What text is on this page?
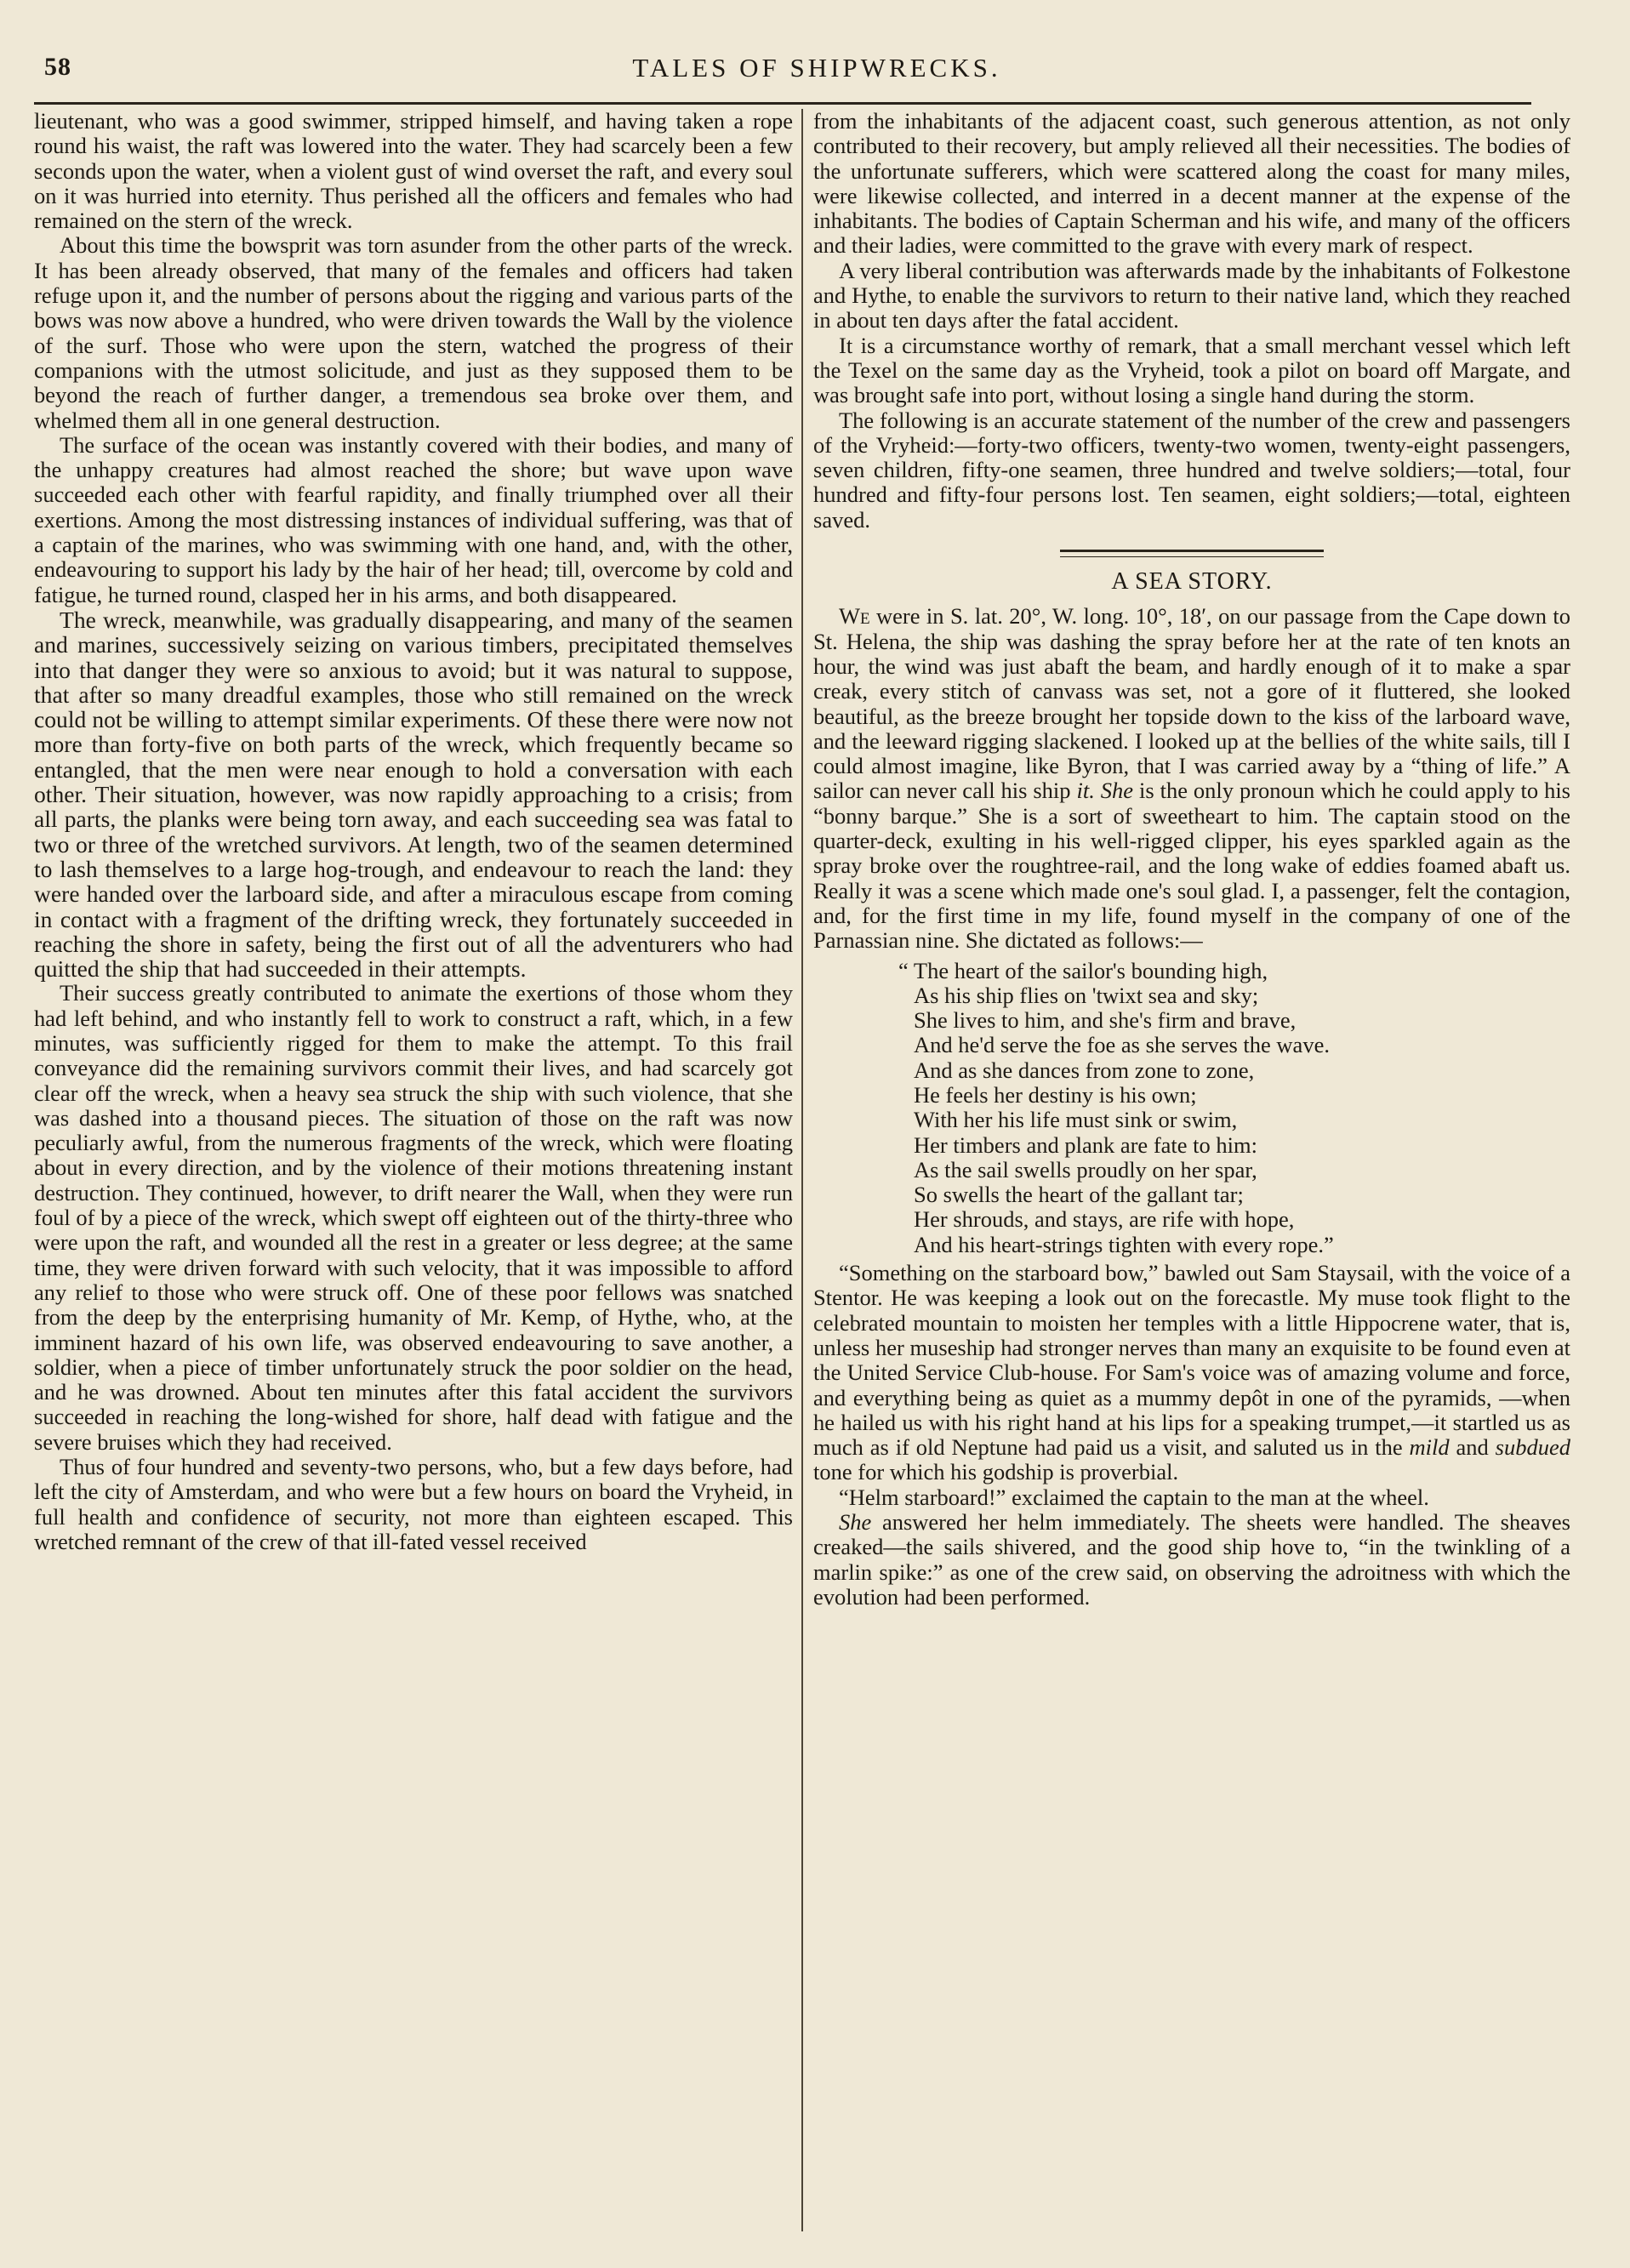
58	TALES OF SHIPWRECKS.

lieutenant, who was a good swimmer, stripped himself, and having taken a rope round his waist, the raft was lowered into the water. They had scarcely been a few seconds upon the water, when a violent gust of wind overset the raft, and every soul on it was hurried into eternity. Thus perished all the officers and females who had remained on the stern of the wreck.

About this time the bowsprit was torn asunder from the other parts of the wreck. It has been already observed, that many of the females and officers had taken refuge upon it, and the number of persons about the rigging and various parts of the bows was now above a hundred, who were driven towards the Wall by the violence of the surf. Those who were upon the stern, watched the progress of their companions with the utmost solicitude, and just as they supposed them to be beyond the reach of further danger, a tremendous sea broke over them, and whelmed them all in one general destruction.

The surface of the ocean was instantly covered with their bodies, and many of the unhappy creatures had almost reached the shore; but wave upon wave succeeded each other with fearful rapidity, and finally triumphed over all their exertions. Among the most distressing instances of individual suffering, was that of a captain of the marines, who was swimming with one hand, and, with the other, endeavouring to support his lady by the hair of her head; till, overcome by cold and fatigue, he turned round, clasped her in his arms, and both disappeared.

The wreck, meanwhile, was gradually disappearing, and many of the seamen and marines, successively seizing on various timbers, precipitated themselves into that danger they were so anxious to avoid; but it was natural to suppose, that after so many dreadful examples, those who still remained on the wreck could not be willing to attempt similar experiments. Of these there were now not more than forty-five on both parts of the wreck, which frequently became so entangled, that the men were near enough to hold a conversation with each other. Their situation, however, was now rapidly approaching to a crisis; from all parts, the planks were being torn away, and each succeeding sea was fatal to two or three of the wretched survivors. At length, two of the seamen determined to lash themselves to a large hog-trough, and endeavour to reach the land: they were handed over the larboard side, and after a miraculous escape from coming in contact with a fragment of the drifting wreck, they fortunately succeeded in reaching the shore in safety, being the first out of all the adventurers who had quitted the ship that had succeeded in their attempts.

Their success greatly contributed to animate the exertions of those whom they had left behind, and who instantly fell to work to construct a raft, which, in a few minutes, was sufficiently rigged for them to make the attempt. To this frail conveyance did the remaining survivors commit their lives, and had scarcely got clear off the wreck, when a heavy sea struck the ship with such violence, that she was dashed into a thousand pieces. The situation of those on the raft was now peculiarly awful, from the numerous fragments of the wreck, which were floating about in every direction, and by the violence of their motions threatening instant destruction. They continued, however, to drift nearer the Wall, when they were run foul of by a piece of the wreck, which swept off eighteen out of the thirty-three who were upon the raft, and wounded all the rest in a greater or less degree; at the same time, they were driven forward with such velocity, that it was impossible to afford any relief to those who were struck off. One of these poor fellows was snatched from the deep by the enterprising humanity of Mr. Kemp, of Hythe, who, at the imminent hazard of his own life, was observed endeavouring to save another, a soldier, when a piece of timber unfortunately struck the poor soldier on the head, and he was drowned. About ten minutes after this fatal accident the survivors succeeded in reaching the long-wished for shore, half dead with fatigue and the severe bruises which they had received.

Thus of four hundred and seventy-two persons, who, but a few days before, had left the city of Amsterdam, and who were but a few hours on board the Vryheid, in full health and confidence of security, not more than eighteen escaped. This wretched remnant of the crew of that ill-fated vessel received

from the inhabitants of the adjacent coast, such generous attention, as not only contributed to their recovery, but amply relieved all their necessities. The bodies of the unfortunate sufferers, which were scattered along the coast for many miles, were likewise collected, and interred in a decent manner at the expense of the inhabitants. The bodies of Captain Scherman and his wife, and many of the officers and their ladies, were committed to the grave with every mark of respect.

A very liberal contribution was afterwards made by the inhabitants of Folkestone and Hythe, to enable the survivors to return to their native land, which they reached in about ten days after the fatal accident.

It is a circumstance worthy of remark, that a small merchant vessel which left the Texel on the same day as the Vryheid, took a pilot on board off Margate, and was brought safe into port, without losing a single hand during the storm.

The following is an accurate statement of the number of the crew and passengers of the Vryheid:—forty-two officers, twenty-two women, twenty-eight passengers, seven children, fifty-one seamen, three hundred and twelve soldiers;—total, four hundred and fifty-four persons lost. Ten seamen, eight soldiers;—total, eighteen saved.

A SEA STORY.

We were in S. lat. 20°, W. long. 10°, 18′, on our passage from the Cape down to St. Helena, the ship was dashing the spray before her at the rate of ten knots an hour, the wind was just abaft the beam, and hardly enough of it to make a spar creak, every stitch of canvass was set, not a gore of it fluttered, she looked beautiful, as the breeze brought her topside down to the kiss of the larboard wave, and the leeward rigging slackened. I looked up at the bellies of the white sails, till I could almost imagine, like Byron, that I was carried away by a “thing of life.” A sailor can never call his ship it. She is the only pronoun which he could apply to his “bonny barque.” She is a sort of sweetheart to him. The captain stood on the quarter-deck, exulting in his well-rigged clipper, his eyes sparkled again as the spray broke over the roughtree-rail, and the long wake of eddies foamed abaft us. Really it was a scene which made one's soul glad. I, a passenger, felt the contagion, and, for the first time in my life, found myself in the company of one of the Parnassian nine. She dictated as follows:—

“ The heart of the sailor's bounding high,
As his ship flies on 'twixt sea and sky;
She lives to him, and she's firm and brave,
And he'd serve the foe as she serves the wave.
And as she dances from zone to zone,
He feels her destiny is his own;
With her his life must sink or swim,
Her timbers and plank are fate to him:
As the sail swells proudly on her spar,
So swells the heart of the gallant tar;
Her shrouds, and stays, are rife with hope,
And his heart-strings tighten with every rope.”

“Something on the starboard bow,” bawled out Sam Staysail, with the voice of a Stentor. He was keeping a look out on the forecastle. My muse took flight to the celebrated mountain to moisten her temples with a little Hippocrene water, that is, unless her museship had stronger nerves than many an exquisite to be found even at the United Service Club-house. For Sam's voice was of amazing volume and force, and everything being as quiet as a mummy depôt in one of the pyramids, —when he hailed us with his right hand at his lips for a speaking trumpet,—it startled us as much as if old Neptune had paid us a visit, and saluted us in the mild and subdued tone for which his godship is proverbial.

“Helm starboard!” exclaimed the captain to the man at the wheel.

She answered her helm immediately. The sheets were handled. The sheaves creaked—the sails shivered, and the good ship hove to, “in the twinkling of a marlin spike:” as one of the crew said, on observing the adroitness with which the evolution had been performed.
